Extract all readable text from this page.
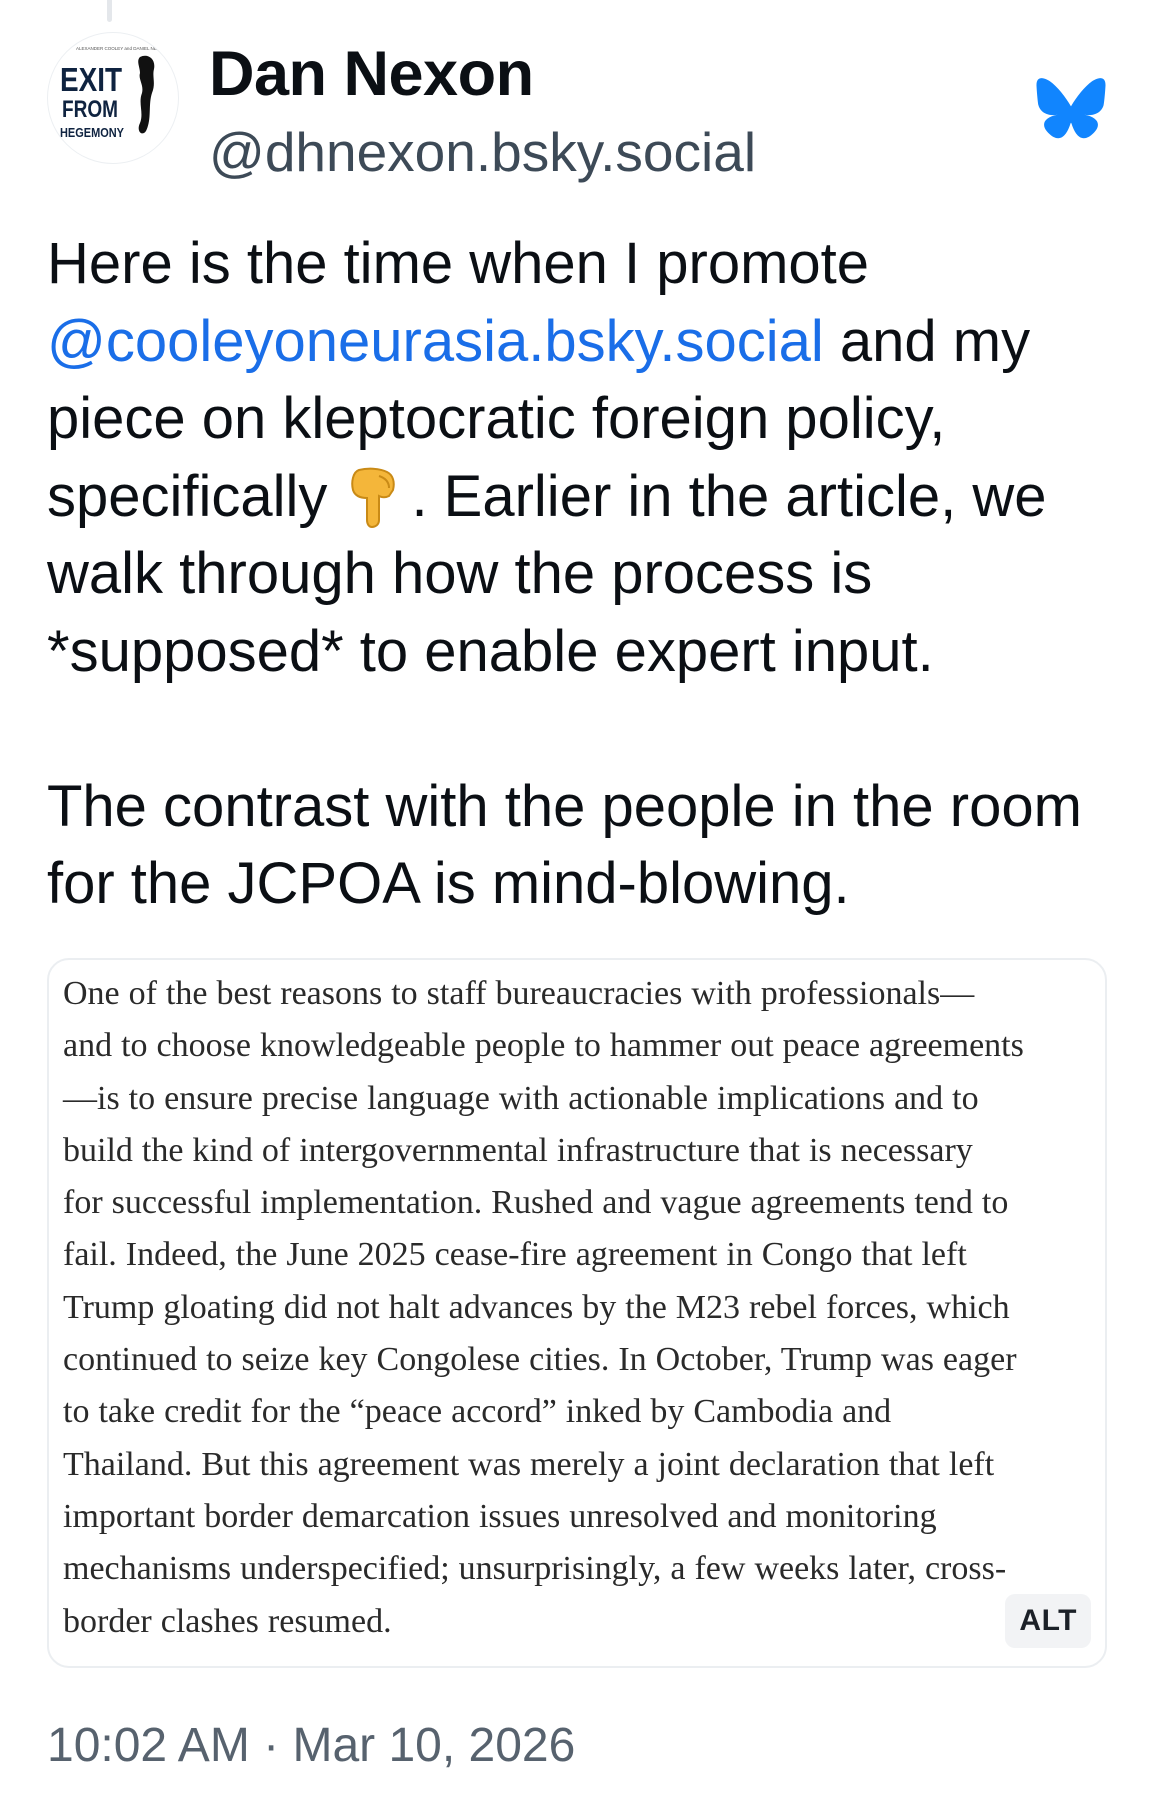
ALEXANDER COOLEY and DANIEL NEXON
EXIT
FROM
HEGEMONY
Dan Nexon
@dhnexon.bsky.social

Here is the time when I promote @cooleyoneurasia.bsky.social and my piece on kleptocratic foreign policy, specifically . Earlier in the article, we walk through how the process is *supposed* to enable expert input.

The contrast with the people in the room for the JCPOA is mind-blowing.

One of the best reasons to staff bureaucracies with professionals—
and to choose knowledgeable people to hammer out peace agreements
—is to ensure precise language with actionable implications and to
build the kind of intergovernmental infrastructure that is necessary
for successful implementation. Rushed and vague agreements tend to
fail. Indeed, the June 2025 cease-fire agreement in Congo that left
Trump gloating did not halt advances by the M23 rebel forces, which
continued to seize key Congolese cities. In October, Trump was eager
to take credit for the “peace accord” inked by Cambodia and
Thailand. But this agreement was merely a joint declaration that left
important border demarcation issues unresolved and monitoring
mechanisms underspecified; unsurprisingly, a few weeks later, cross-
border clashes resumed.	ALT
10:02 AM · Mar 10, 2026
